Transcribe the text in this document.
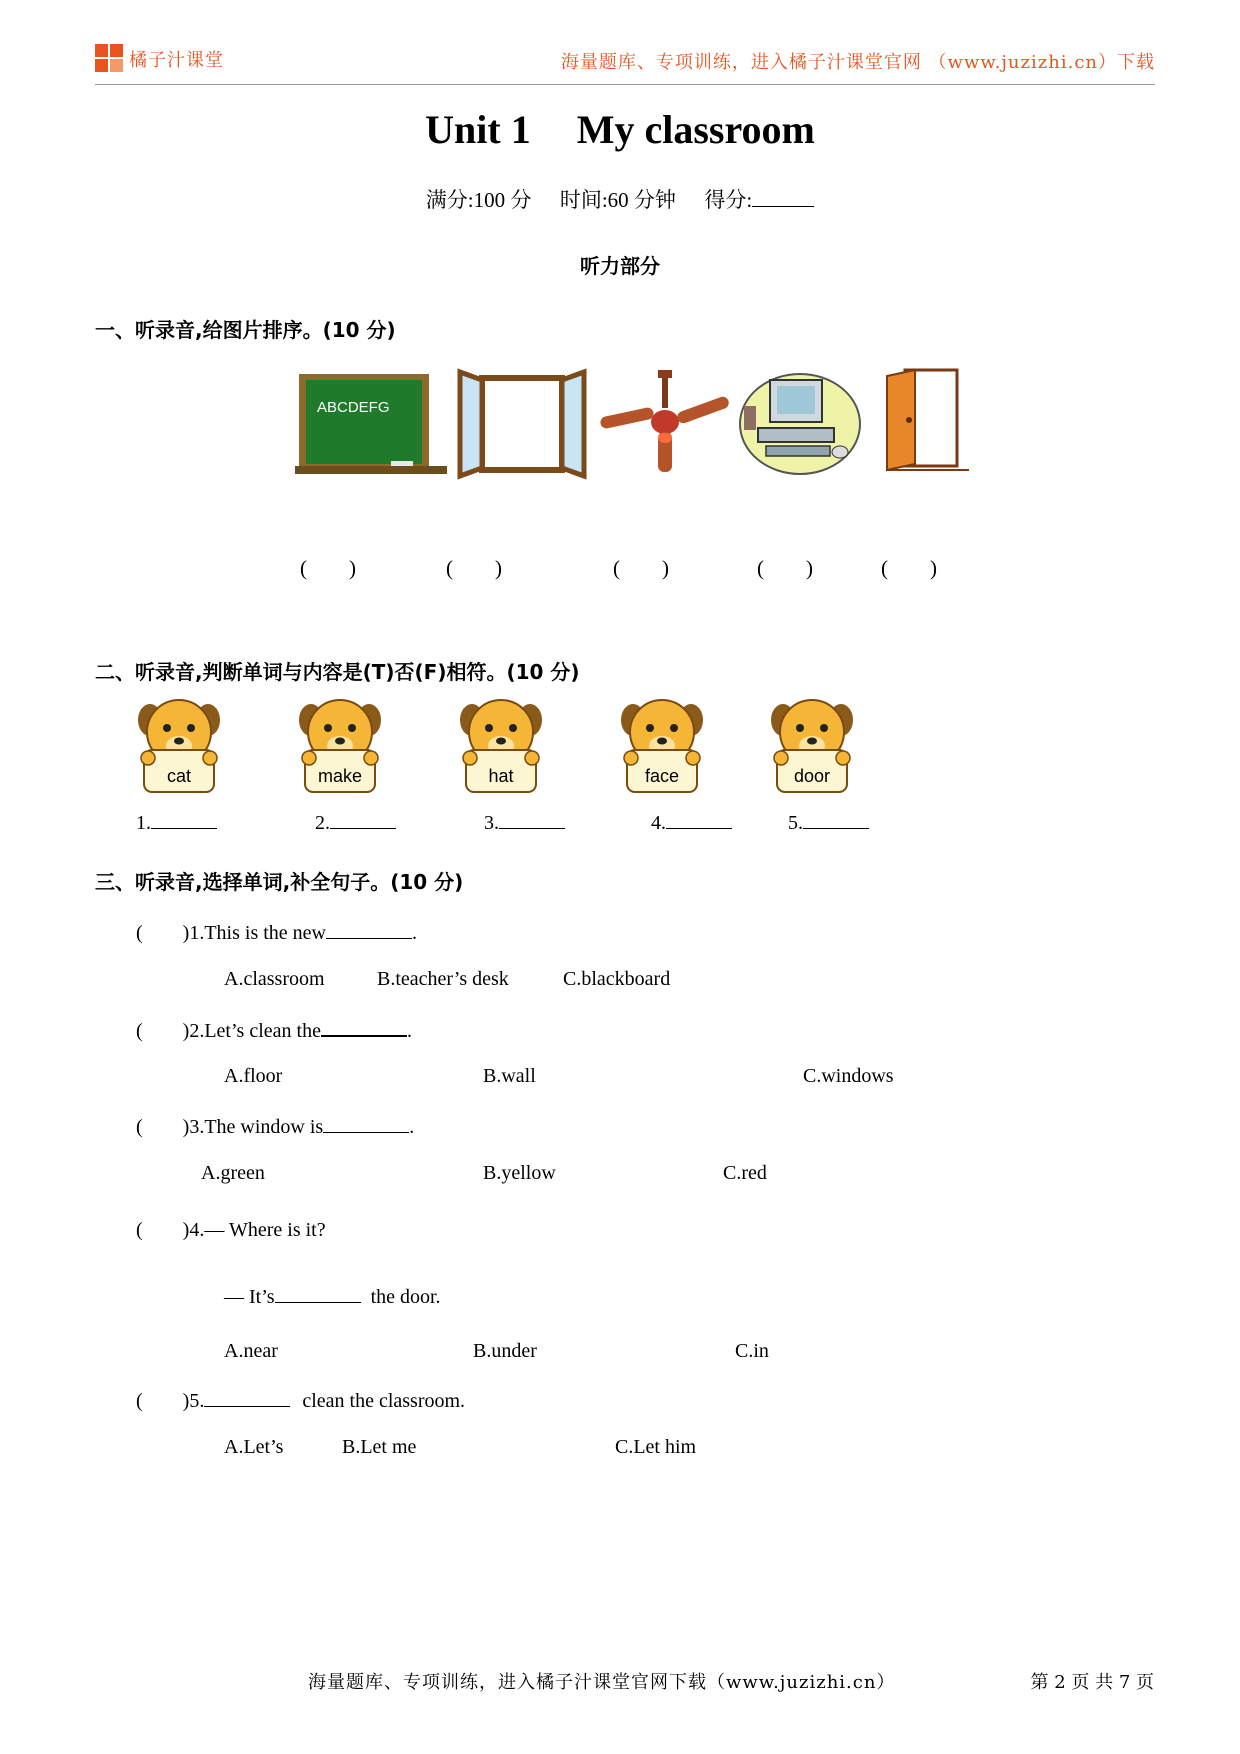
橘子汁课堂	海量题库、专项训练，进入橘子汁课堂官网 （www.juzizhi.cn）下载
Unit 1 My classroom
满分:100 分 时间:60 分钟 得分:
听力部分
一、听录音,给图片排序。(10 分)
ABCDEFG
(　　)	(　　)	(　　)	(　　)	(　　)
二、听录音,判断单词与内容是(T)否(F)相符。(10 分)
cat
1.
make
2.
hat
3.
face
4.
door
5.
三、听录音,选择单词,补全句子。(10 分)
( )1.This is the new	.
A.classroom	B.teacher’s desk	C.blackboard
( )2.Let’s clean the	.
A.floor	B.wall	C.windows
( )3.The window is	.
A.green	B.yellow	C.red
( )4.— Where is it?
— It’s	the door.
A.near	B.under	C.in
( )5.	clean the classroom.
A.Let’s	B.Let me	C.Let him
海量题库、专项训练，进入橘子汁课堂官网下载（www.juzizhi.cn）	第 2 页 共 7 页
